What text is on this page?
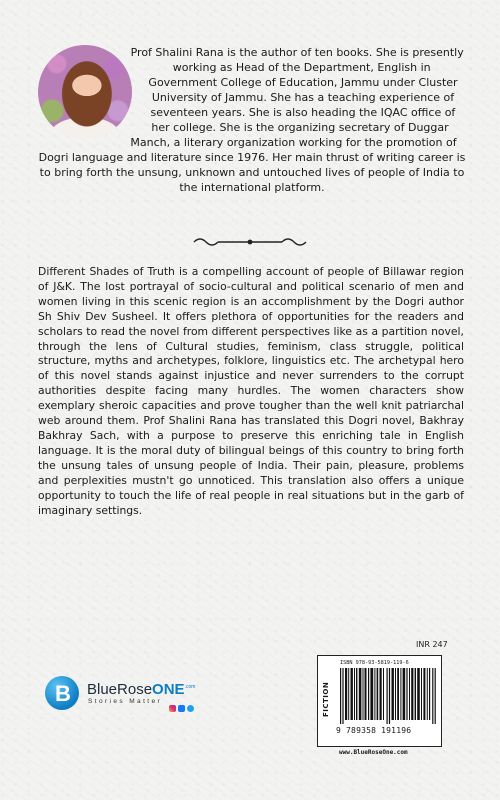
Prof Shalini Rana is the author of ten books. She is presently working as Head of the Department, English in Government College of Education, Jammu under Cluster University of Jammu. She has a teaching experience of seventeen years. She is also heading the IQAC office of her college. She is the organizing secretary of Duggar Manch, a literary organization working for the promotion of Dogri language and literature since 1976. Her main thrust of writing career is to bring forth the unsung, unknown and untouched lives of people of India to the international platform.

Different Shades of Truth is a compelling account of people of Billawar region of J&K. The lost portrayal of socio-cultural and political scenario of men and women living in this scenic region is an accomplishment by the Dogri author Sh Shiv Dev Susheel. It offers plethora of opportunities for the readers and scholars to read the novel from different perspectives like as a partition novel, through the lens of Cultural studies, feminism, class struggle, political structure, myths and archetypes, folklore, linguistics etc. The archetypal hero of this novel stands against injustice and never surrenders to the corrupt authorities despite facing many hurdles. The women characters show exemplary sheroic capacities and prove tougher than the well knit patriarchal web around them. Prof Shalini Rana has translated this Dogri novel, Bakhray Bakhray Sach, with a purpose to preserve this enriching tale in English language. It is the moral duty of bilingual beings of this country to bring forth the unsung tales of unsung people of India. Their pain, pleasure, problems and perplexities mustn't go unnoticed. This translation also offers a unique opportunity to touch the life of real people in real situations but in the garb of imaginary settings.

B BlueRoseONE$^{.com}$
Stories Matter
INR 247
FICTION
ISBN 978-93-5819-119-6
9 789358 191196
www.BlueRoseOne.com
